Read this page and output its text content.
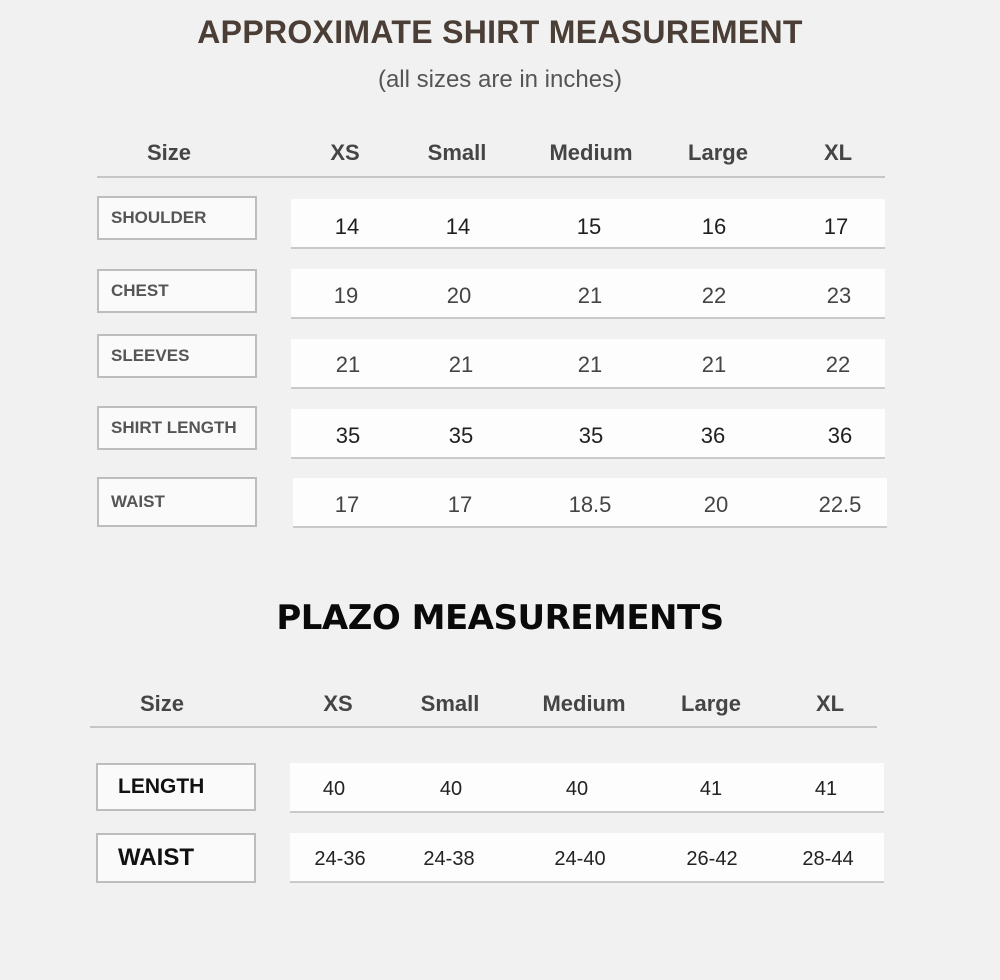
APPROXIMATE SHIRT MEASUREMENT
(all sizes are in inches)
Size	XS	Small	Medium	Large	XL
SHOULDER	14	14	15	16	17
CHEST	19	20	21	22	23
SLEEVES	21	21	21	21	22
SHIRT LENGTH	35	35	35	36	36
WAIST	17	17	18.5	20	22.5
PLAZO MEASUREMENTS
Size	XS	Small	Medium	Large	XL
LENGTH	40	40	40	41	41
WAIST	24-36	24-38	24-40	26-42	28-44
